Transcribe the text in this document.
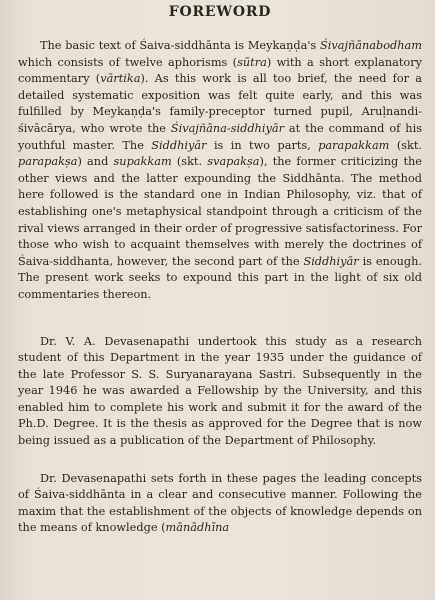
FOREWORD

The basic text of Śaiva-siddhānta is Meykaṇḍa's Śivajñānabodham which consists of twelve aphorisms (sūtra) with a short explanatory commentary (vārtika). As this work is all too brief, the need for a detailed systematic exposition was felt quite early, and this was fulfilled by Meykaṇḍa's family-preceptor turned pupil, Aruḷnandi-śivācārya, who wrote the Śivajñāna-siddhiyār at the command of his youthful master. The Siddhiyār is in two parts, parapakkam (skt. parapakṣa) and supakkam (skt. svapakṣa), the former criticizing the other views and the latter expounding the Siddhānta. The method here followed is the standard one in Indian Philosophy, viz. that of establishing one's metaphysical standpoint through a criticism of the rival views arranged in their order of progressive satisfactoriness. For those who wish to acquaint themselves with merely the doctrines of Śaiva-siddhanta, however, the second part of the Siddhiyār is enough. The present work seeks to expound this part in the light of six old commentaries thereon.

Dr. V. A. Devasenapathi undertook this study as a research student of this Department in the year 1935 under the guidance of the late Professor S. S. Suryanarayana Sastri. Subsequently in the year 1946 he was awarded a Fellowship by the University, and this enabled him to complete his work and submit it for the award of the Ph.D. Degree. It is the thesis as approved for the Degree that is now being issued as a publication of the Department of Philosophy.

Dr. Devasenapathi sets forth in these pages the leading concepts of Śaiva-siddhānta in a clear and consecutive manner. Following the maxim that the establishment of the objects of knowledge depends on the means of knowledge (mānādhīna
